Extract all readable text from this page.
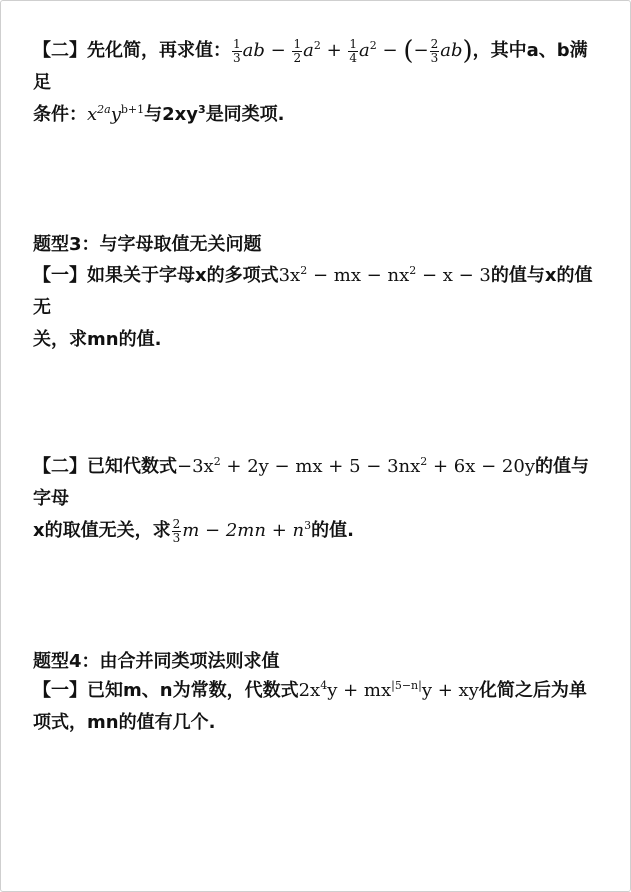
【二】先化简，再求值： $\frac{1}{3}$ ab − $\frac{1}{2} a^2 + \frac{1}{4} a^2$ − (− $\frac{2}{3} ab$)，其中a、b满足
条件：$x^{2a}y^{b+1}$与$2xy^3$是同类项.
题型3：与字母取值无关问题
【一】如果关于字母x的多项式$3x^2$ − mx − $nx^2 - x - 3$的值与x的值无
关，求mn的值.
【二】已知代数式$-3x^2 + 2y$ − mx + $5 - 3nx^2 + 6x - 20y$的值与字母
x的取值无关，求 $\frac{2}{3}$ $m - 2mn + n^3$的值.
题型4：由合并同类项法则求值
【一】已知m、n为常数，代数式$2x^4y + mx^{|5-n|}y$ + xy化简之后为单
项式，mn的值有几个.
